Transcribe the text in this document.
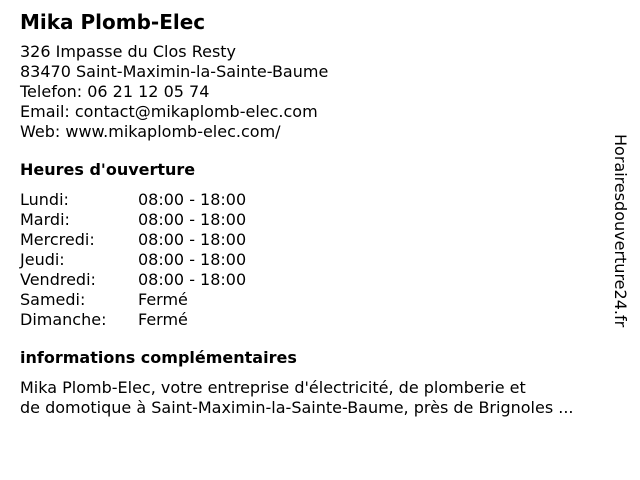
Mika Plomb-Elec
326 Impasse du Clos Resty
83470 Saint-Maximin-la-Sainte-Baume
Telefon: 06 21 12 05 74
Email: contact@mikaplomb-elec.com
Web: www.mikaplomb-elec.com/
Heures d'ouverture
Lundi:	08:00 - 18:00
Mardi:	08:00 - 18:00
Mercredi:	08:00 - 18:00
Jeudi:	08:00 - 18:00
Vendredi:	08:00 - 18:00
Samedi:	Fermé
Dimanche:	Fermé
informations complémentaires
Mika Plomb-Elec, votre entreprise d'électricité, de plomberie et
de domotique à Saint-Maximin-la-Sainte-Baume, près de Brignoles ...
Horairesdouverture24.fr
